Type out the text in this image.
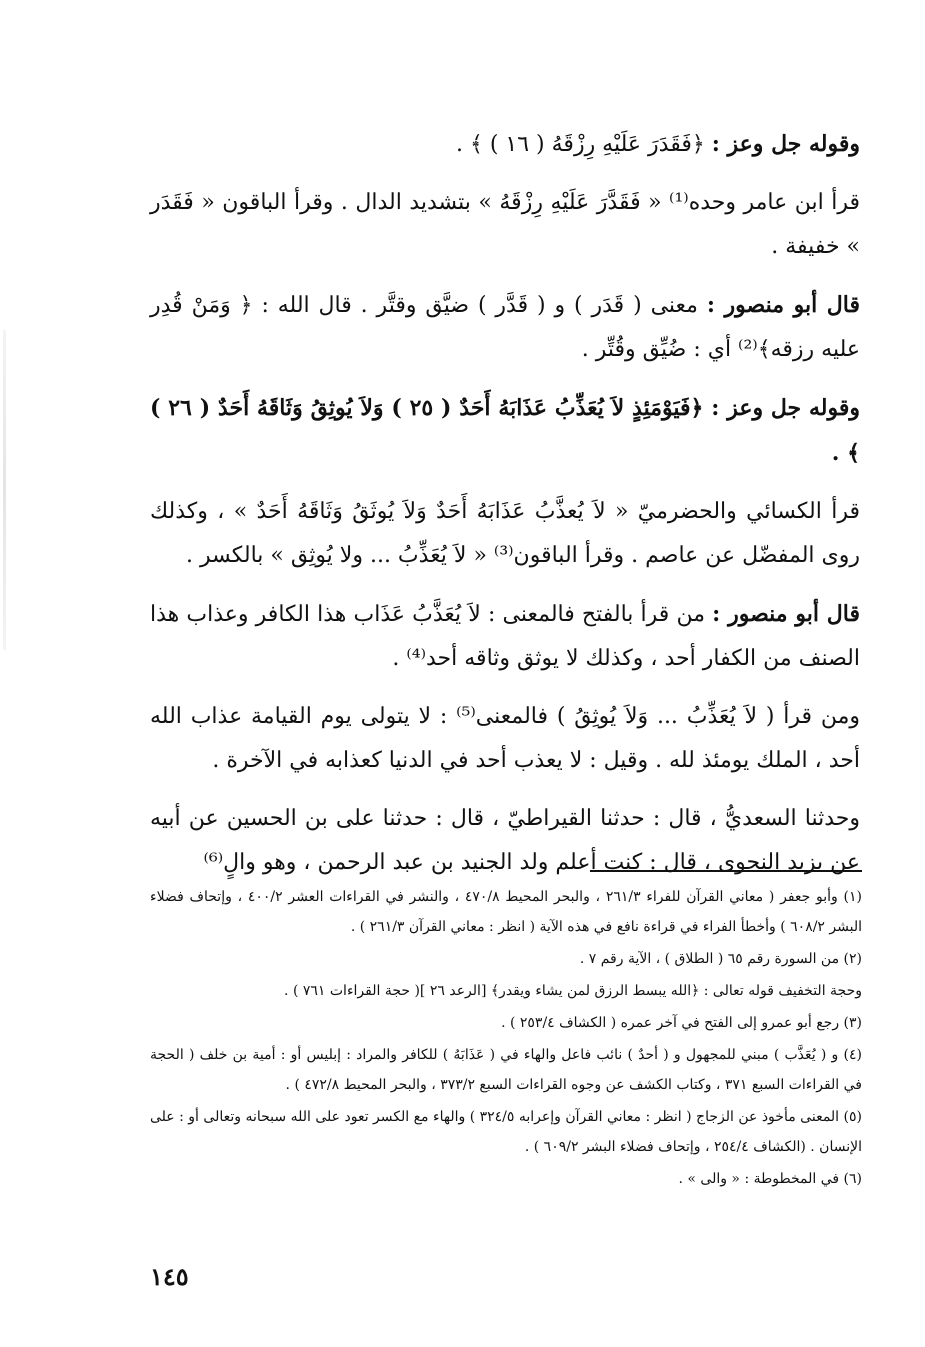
وقوله جل وعز : ﴿فَقَدَرَ عَلَيْهِ رِزْقَهُ ( ١٦ ) ﴾ .

قرأ ابن عامر وحده⁽¹⁾ « فَقَدَّرَ عَلَيْهِ رِزْقَهُ » بتشديد الدال . وقرأ الباقون « فَقَدَر » خفيفة .

قال أبو منصور : معنى ( قَدَر ) و ( قَدَّر ) ضيَّق وقتَّر . قال الله : ﴿ وَمَنْ قُدِر عليه رزقه﴾⁽²⁾ أي : ضُيِّق وقُتِّر .

وقوله جل وعز : ﴿فَيَوْمَئِذٍ لاَ يُعَذِّبُ عَذَابَهُ أَحَدٌ ( ٢٥ ) وَلاَ يُوثِقُ وَثَاقَهُ أَحَدٌ ( ٢٦ ) ﴾ .

قرأ الكسائي والحضرميّ « لاَ يُعذَّبُ عَذَابَهُ أَحَدٌ وَلاَ يُوثَقُ وَثَاقَهُ أَحَدٌ » ، وكذلك روى المفضّل عن عاصم . وقرأ الباقون⁽³⁾ « لاَ يُعَذِّبُ ... ولا يُوثِق » بالكسر .

قال أبو منصور : من قرأ بالفتح فالمعنى : لاَ يُعَذَّبُ عَذَاب هذا الكافر وعذاب هذا الصنف من الكفار أحد ، وكذلك لا يوثق وثاقه أحد⁽⁴⁾ .

ومن قرأ ( لاَ يُعَذِّبُ ... وَلاَ يُوثِقُ ) فالمعنى⁽⁵⁾ : لا يتولى يوم القيامة عذاب الله أحد ، الملك يومئذ لله . وقيل : لا يعذب أحد في الدنيا كعذابه في الآخرة .

وحدثنا السعديُّ ، قال : حدثنا القيراطيّ ، قال : حدثنا على بن الحسين عن أبيه عن يزيد النحوى ، قال : كنت أعلم ولد الجنيد بن عبد الرحمن ، وهو والٍ⁽⁶⁾

(١) وأبو جعفر ( معاني القرآن للفراء ٢٦١/٣ ، والبحر المحيط ٤٧٠/٨ ، والنشر في القراءات العشر ٤٠٠/٢ ، وإتحاف فضلاء البشر ٦٠٨/٢ ) وأخطأ الفراء في قراءة نافع في هذه الآية ( انظر : معاني القرآن ٢٦١/٣ ) .

(٢) من السورة رقم ٦٥ ( الطلاق ) ، الآية رقم ٧ .

وحجة التخفيف قوله تعالى : ﴿الله يبسط الرزق لمن يشاء ويقدر﴾ [الرعد ٢٦ ]( حجة القراءات ٧٦١ ) .

(٣) رجع أبو عمرو إلى الفتح في آخر عمره ( الكشاف ٢٥٣/٤ ) .

(٤) و ( يُعَذَّب ) مبني للمجهول و ( أحدٌ ) نائب فاعل والهاء في ( عَذَابَهُ ) للكافر والمراد : إبليس أو : أمية بن خلف ( الحجة في القراءات السبع ٣٧١ ، وكتاب الكشف عن وجوه القراءات السبع ٣٧٣/٢ ، والبحر المحيط ٤٧٢/٨ ) .

(٥) المعنى مأخوذ عن الزجاج ( انظر : معاني القرآن وإعرابه ٣٢٤/٥ ) والهاء مع الكسر تعود على الله سبحانه وتعالى أو : على الإنسان . (الكشاف ٢٥٤/٤ ، وإتحاف فضلاء البشر ٦٠٩/٢ ) .

(٦) في المخطوطة : « والى » .

١٤٥
